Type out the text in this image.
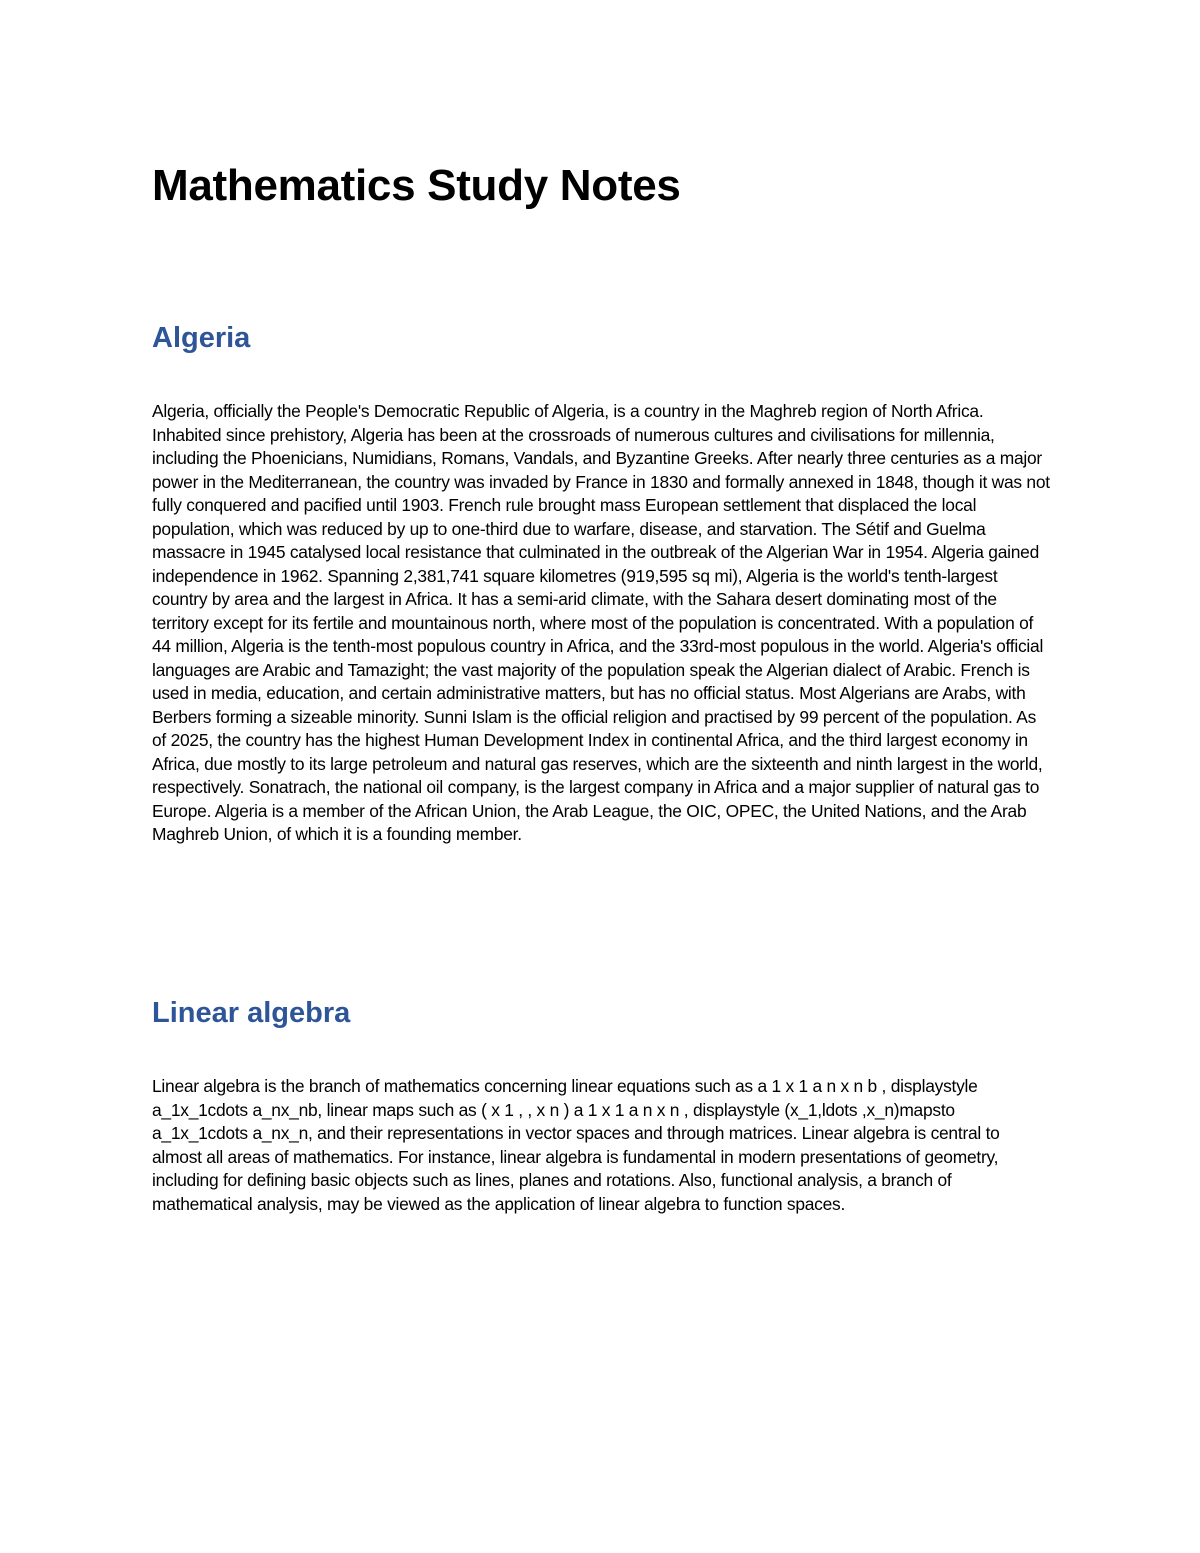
Mathematics Study Notes
Algeria

Algeria, officially the People's Democratic Republic of Algeria, is a country in the Maghreb region of North Africa. Inhabited since prehistory, Algeria has been at the crossroads of numerous cultures and civilisations for millennia, including the Phoenicians, Numidians, Romans, Vandals, and Byzantine Greeks. After nearly three centuries as a major power in the Mediterranean, the country was invaded by France in 1830 and formally annexed in 1848, though it was not fully conquered and pacified until 1903. French rule brought mass European settlement that displaced the local population, which was reduced by up to one-third due to warfare, disease, and starvation. The Sétif and Guelma massacre in 1945 catalysed local resistance that culminated in the outbreak of the Algerian War in 1954. Algeria gained independence in 1962. Spanning 2,381,741 square kilometres (919,595 sq mi), Algeria is the world's tenth-largest country by area and the largest in Africa. It has a semi-arid climate, with the Sahara desert dominating most of the territory except for its fertile and mountainous north, where most of the population is concentrated. With a population of 44 million, Algeria is the tenth-most populous country in Africa, and the 33rd-most populous in the world. Algeria's official languages are Arabic and Tamazight; the vast majority of the population speak the Algerian dialect of Arabic. French is used in media, education, and certain administrative matters, but has no official status. Most Algerians are Arabs, with Berbers forming a sizeable minority. Sunni Islam is the official religion and practised by 99 percent of the population. As of 2025, the country has the highest Human Development Index in continental Africa, and the third largest economy in Africa, due mostly to its large petroleum and natural gas reserves, which are the sixteenth and ninth largest in the world, respectively. Sonatrach, the national oil company, is the largest company in Africa and a major supplier of natural gas to Europe. Algeria is a member of the African Union, the Arab League, the OIC, OPEC, the United Nations, and the Arab Maghreb Union, of which it is a founding member.

Linear algebra

Linear algebra is the branch of mathematics concerning linear equations such as a 1 x 1 a n x n b , displaystyle a_1x_1cdots a_nx_nb, linear maps such as ( x 1 , , x n ) a 1 x 1 a n x n , displaystyle (x_1,ldots ,x_n)mapsto a_1x_1cdots a_nx_n, and their representations in vector spaces and through matrices. Linear algebra is central to almost all areas of mathematics. For instance, linear algebra is fundamental in modern presentations of geometry, including for defining basic objects such as lines, planes and rotations. Also, functional analysis, a branch of mathematical analysis, may be viewed as the application of linear algebra to function spaces.
